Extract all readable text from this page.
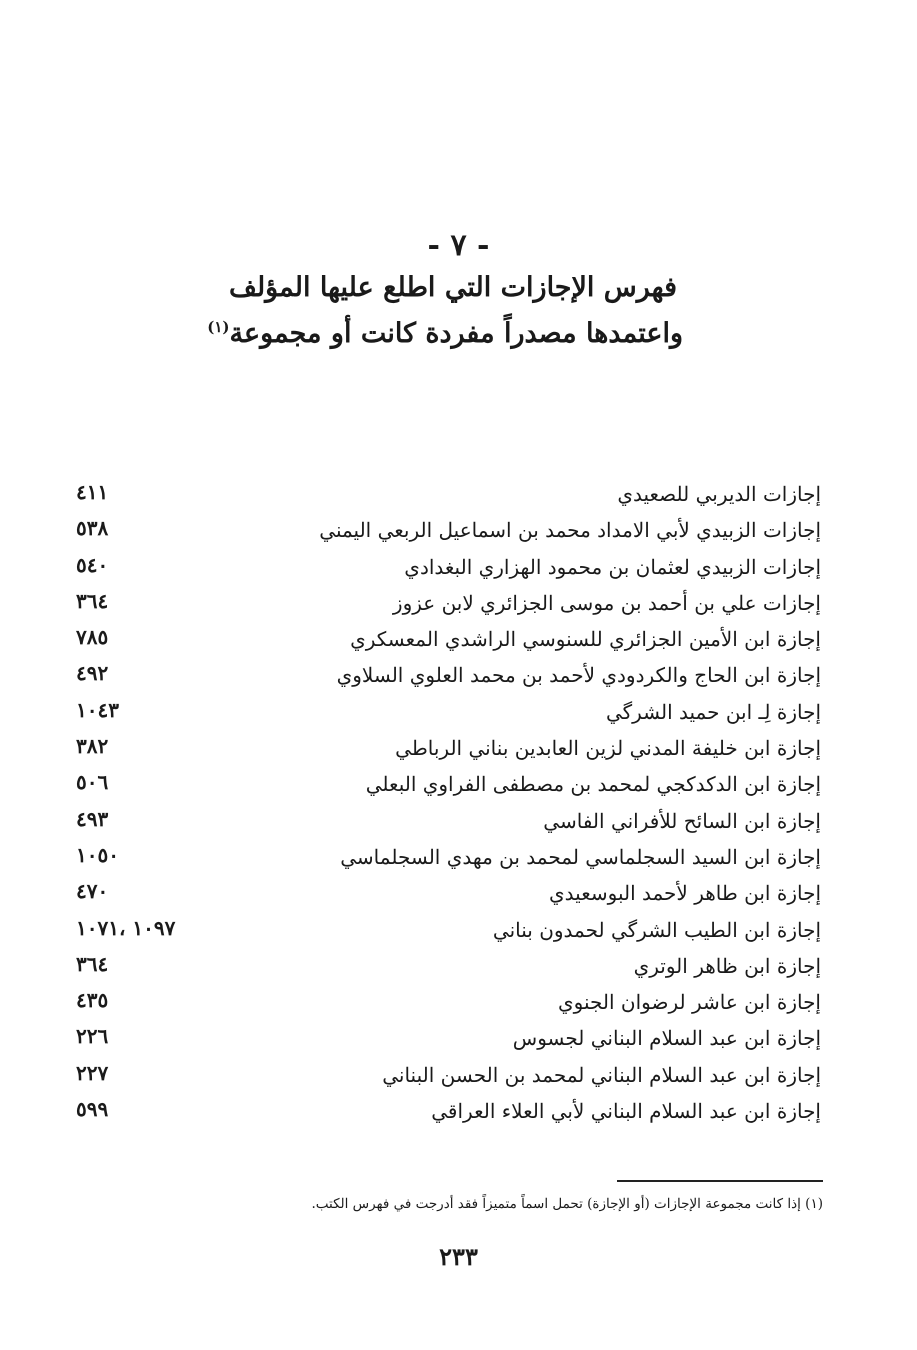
- ٧ -
فهرس الإجازات التي اطلع عليها المؤلف
واعتمدها مصدراً مفردة كانت أو مجموعة$^{(١)}$
إجازات الديربي للصعيدي
٤١١
إجازات الزبيدي لأبي الامداد محمد بن اسماعيل الربعي اليمني
٥٣٨
إجازات الزبيدي لعثمان بن محمود الهزاري البغدادي
٥٤٠
إجازات علي بن أحمد بن موسى الجزائري لابن عزوز
٣٦٤
إجازة ابن الأمين الجزائري للسنوسي الراشدي المعسكري
٧٨٥
إجازة ابن الحاج والكردودي لأحمد بن محمد العلوي السلاوي
٤٩٢
إجازة لِـ ابن حميد الشرگي
١٠٤٣
إجازة ابن خليفة المدني لزين العابدين بناني الرباطي
٣٨٢
إجازة ابن الدكدكجي لمحمد بن مصطفى الفراوي البعلي
٥٠٦
إجازة ابن السائح للأفراني الفاسي
٤٩٣
إجازة ابن السيد السجلماسي لمحمد بن مهدي السجلماسي
١٠٥٠
إجازة ابن طاهر لأحمد البوسعيدي
٤٧٠
إجازة ابن الطيب الشرگي لحمدون بناني
١٠٩٧ ،١٠٧١
إجازة ابن ظاهر الوتري
٣٦٤
إجازة ابن عاشر لرضوان الجنوي
٤٣٥
إجازة ابن عبد السلام البناني لجسوس
٢٢٦
إجازة ابن عبد السلام البناني لمحمد بن الحسن البناني
٢٢٧
إجازة ابن عبد السلام البناني لأبي العلاء العراقي
٥٩٩
(١) إذا كانت مجموعة الإجازات (أو الإجازة) تحمل اسماً متميزاً فقد أدرجت في فهرس الكتب.
٢٣٣
